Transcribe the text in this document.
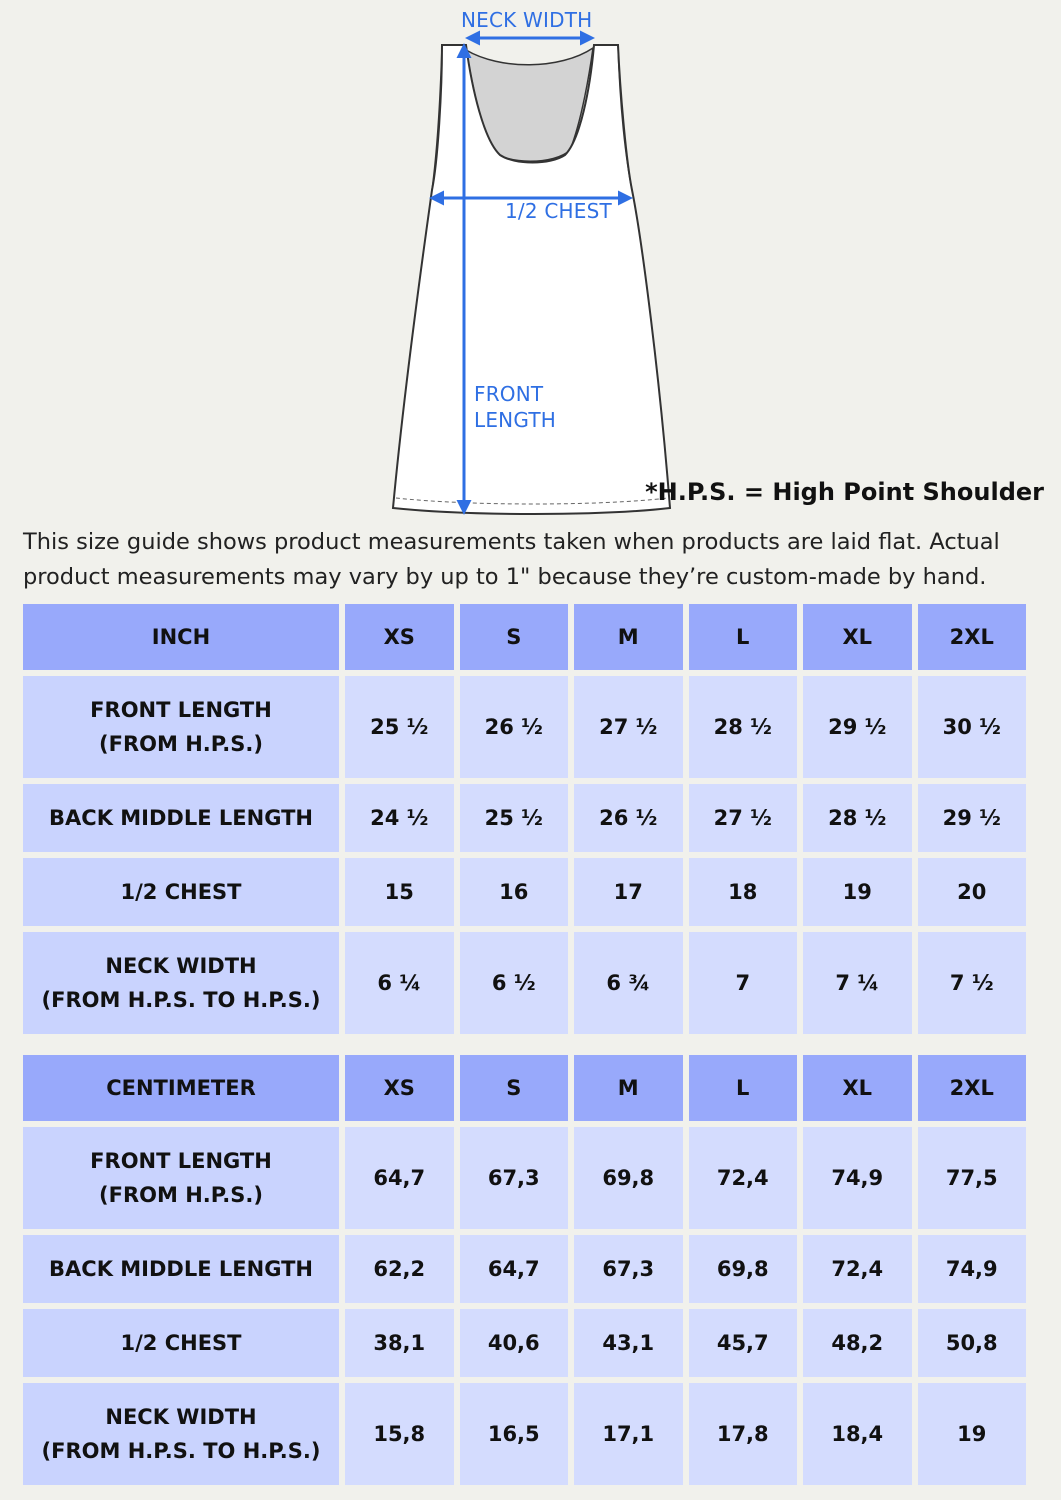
NECK WIDTH
1/2 CHEST
FRONT
LENGTH
*H.P.S. = High Point Shoulder
This size guide shows product measurements taken when products are laid flat. Actual
product measurements may vary by up to 1" because they’re custom-made by hand.
INCH	XS	S	M	L	XL	2XL

FRONT LENGTH
(FROM H.P.S.)	25 ½	26 ½	27 ½	28 ½	29 ½	30 ½

BACK MIDDLE LENGTH	24 ½	25 ½	26 ½	27 ½	28 ½	29 ½

1/2 CHEST	15	16	17	18	19	20

NECK WIDTH
(FROM H.P.S. TO H.P.S.)	6 ¼	6 ½	6 ¾	7	7 ¼	7 ½
CENTIMETER	XS	S	M	L	XL	2XL

FRONT LENGTH
(FROM H.P.S.)	64,7	67,3	69,8	72,4	74,9	77,5

BACK MIDDLE LENGTH	62,2	64,7	67,3	69,8	72,4	74,9

1/2 CHEST	38,1	40,6	43,1	45,7	48,2	50,8

NECK WIDTH
(FROM H.P.S. TO H.P.S.)	15,8	16,5	17,1	17,8	18,4	19
